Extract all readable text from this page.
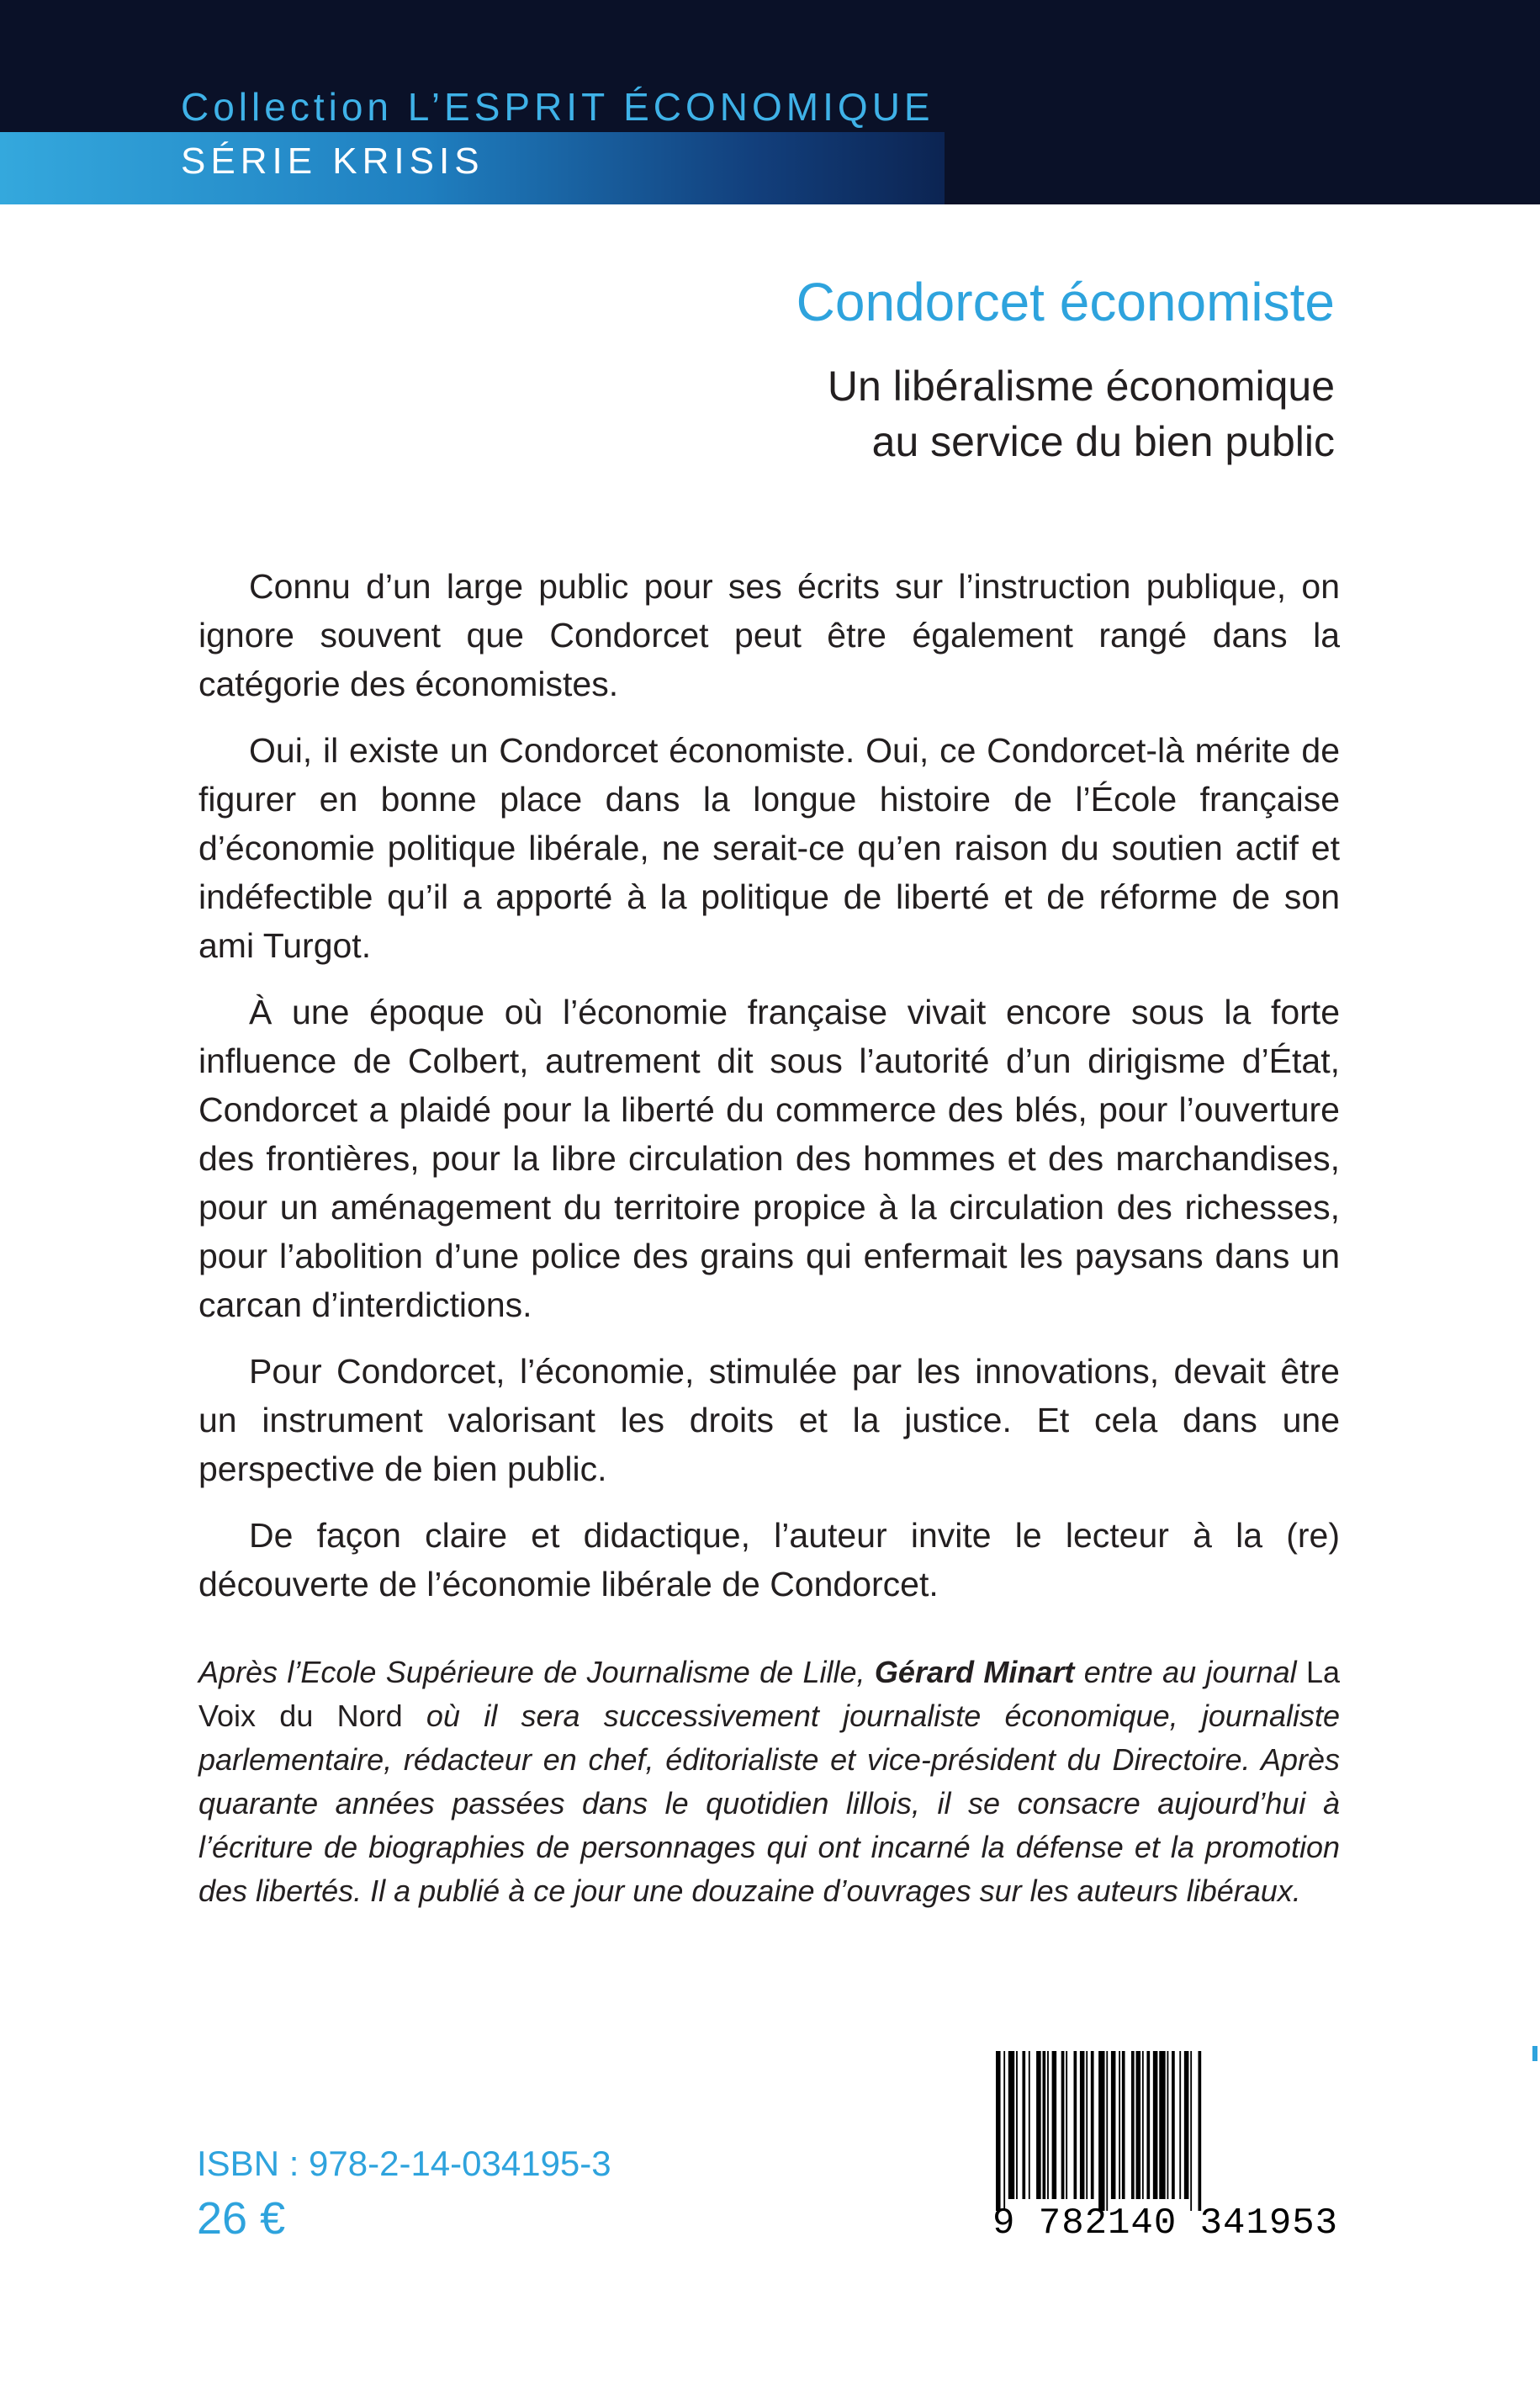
Collection L’ESPRIT ÉCONOMIQUE
SÉRIE KRISIS
Condorcet économiste
Un libéralisme économique
au service du bien public

Connu d’un large public pour ses écrits sur l’instruction publique, on ignore souvent que Condorcet peut être également rangé dans la catégorie des économistes.

Oui, il existe un Condorcet économiste. Oui, ce Condorcet-là mérite de figurer en bonne place dans la longue histoire de l’École française d’économie politique libérale, ne serait-ce qu’en raison du soutien actif et indéfectible qu’il a apporté à la politique de liberté et de réforme de son ami Turgot.

À une époque où l’économie française vivait encore sous la forte influence de Colbert, autrement dit sous l’autorité d’un dirigisme d’État, Condorcet a plaidé pour la liberté du commerce des blés, pour l’ouverture des frontières, pour la libre circulation des hommes et des marchandises, pour un aménagement du territoire propice à la circulation des richesses, pour l’abolition d’une police des grains qui enfermait les paysans dans un carcan d’interdictions.

Pour Condorcet, l’économie, stimulée par les innovations, devait être un instrument valorisant les droits et la justice. Et cela dans une perspective de bien public.

De façon claire et didactique, l’auteur invite le lecteur à la (re) découverte de l’économie libérale de Condorcet.

Après l’Ecole Supérieure de Journalisme de Lille, Gérard Minart entre au journal La Voix du Nord où il sera successivement journaliste économique, journaliste parlementaire, rédacteur en chef, éditorialiste et vice-président du Directoire. Après quarante années passées dans le quotidien lillois, il se consacre aujourd’hui à l’écriture de biographies de personnages qui ont incarné la défense et la promotion des libertés. Il a publié à ce jour une douzaine d’ouvrages sur les auteurs libéraux.
ISBN : 978-2-14-034195-3
26 €	9 782140 341953
